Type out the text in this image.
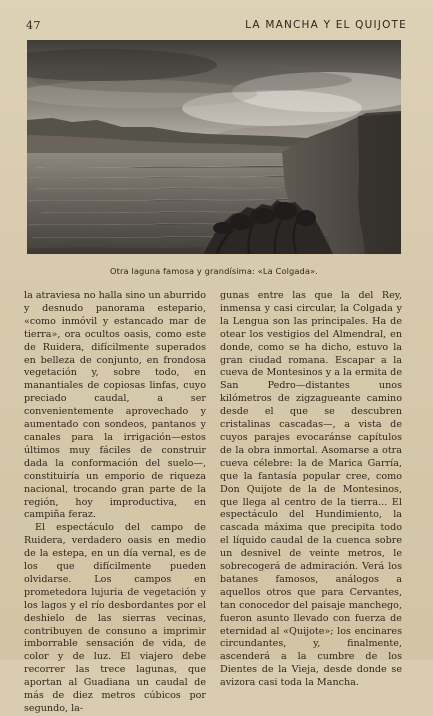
47	LA MANCHA Y EL QUIJOTE
Otra laguna famosa y grandísima: «La Colgada».

la atraviesa no halla sino un aburrido y desnudo panorama estepario, «como inmóvil y estancado mar de tierra», ora ocultos oasis, como este de Ruidera, difícilmente superados en belleza de conjunto, en frondosa vegetación y, sobre todo, en manantiales de copiosas linfas, cuyo preciado caudal, a ser convenientemente aprovechado y aumentado con sondeos, pantanos y canales para la irrigación—estos últimos muy fáciles de construir dada la conformación del suelo—, constituiría un emporio de riqueza nacional, trocando gran parte de la región, hoy improductiva, en campiña feraz.

El espectáculo del campo de Ruidera, verdadero oasis en medio de la estepa, en un día vernal, es de los que difícilmente pueden olvidarse. Los campos en prometedora lujuria de vegetación y los lagos y el río desbordantes por el deshielo de las sierras vecinas, contribuyen de consuno a imprimir imborrable sensación de vida, de color y de luz. El viajero debe recorrer las trece lagunas, que aportan al Guadiana un caudal de más de diez metros cúbicos por segundo, la-

gunas entre las que la del Rey, inmensa y casi circular, la Colgada y la Lengua son las principales. Ha de otear los vestigios del Almendral, en donde, como se ha dicho, estuvo la gran ciudad romana. Escapar a la cueva de Montesinos y a la ermita de San Pedro—distantes unos kilómetros de zigzagueante camino desde el que se descubren cristalinas cascadas—, a vista de cuyos parajes evocaránse capítulos de la obra inmortal. Asomarse a otra cueva célebre: la de Marica Garría, que la fantasía popular cree, como Don Quijote de la de Montesinos, que llega al centro de la tierra... El espectáculo del Hundimiento, la cascada máxima que precipita todo el líquido caudal de la cuenca sobre un desnivel de veinte metros, le sobrecogerá de admiración. Verá los batanes famosos, análogos a aquellos otros que para Cervantes, tan conocedor del paisaje manchego, fueron asunto llevado con fuerza de eternidad al «Quijote»; los encinares circundantes, y, finalmente, ascenderá a la cumbre de los Dientes de la Vieja, desde donde se avizora casi toda la Mancha.
